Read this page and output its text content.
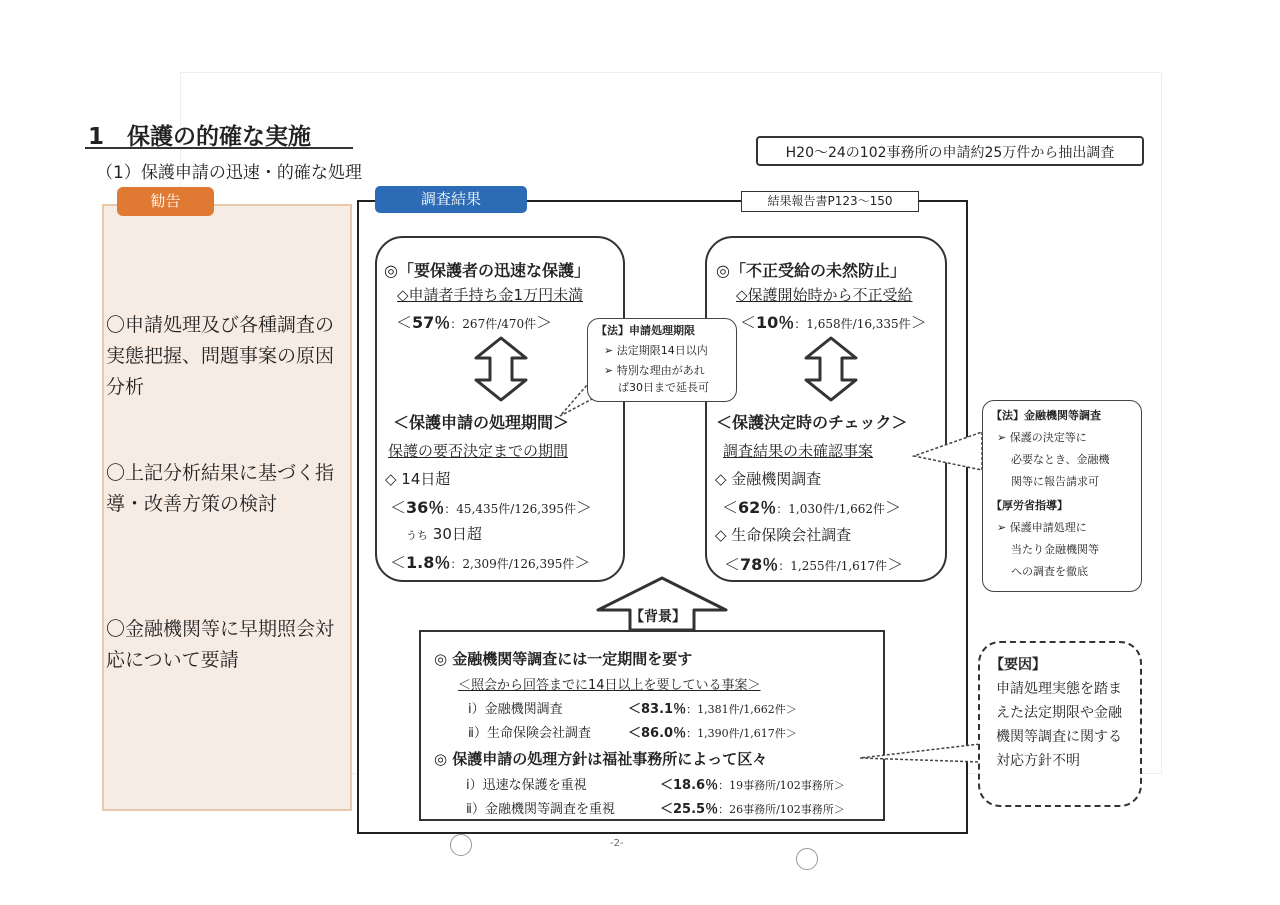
1　保護の的確な実施
（1）保護申請の迅速・的確な処理
H20～24の102事務所の申請約25万件から抽出調査
勧告
〇申請処理及び各種調査の実態把握、問題事案の原因分析
〇上記分析結果に基づく指導・改善方策の検討
〇金融機関等に早期照会対応について要請
調査結果	結果報告書P123～150
◎「要保護者の迅速な保護」
◇申請者手持ち金1万円未満
＜57％：267件/470件＞
＜保護申請の処理期間＞
保護の要否決定までの期間
◇ 14日超
＜36％：45,435件/126,395件＞
うち 30日超
＜1.8％：2,309件/126,395件＞
◎「不正受給の未然防止」
◇保護開始時から不正受給
＜10％：1,658件/16,335件＞
＜保護決定時のチェック＞
調査結果の未確認事案
◇ 金融機関調査
＜62％：1,030件/1,662件＞
◇ 生命保険会社調査
＜78％：1,255件/1,617件＞
【法】申請処理期限
➢ 法定期限14日以内
➢ 特別な理由があれ
ば30日まで延長可
【法】金融機関等調査
➢ 保護の決定等に
必要なとき、金融機
関等に報告請求可
【厚労省指導】
➢ 保護申請処理に
当たり金融機関等
への調査を徹底
【背景】
◎ 金融機関等調査には一定期間を要す
＜照会から回答までに14日以上を要している事案＞
ⅰ）金融機関調査	＜83.1％：1,381件/1,662件＞
ⅱ）生命保険会社調査	＜86.0％：1,390件/1,617件＞
◎ 保護申請の処理方針は福祉事務所によって区々
ⅰ）迅速な保護を重視	＜18.6％：19事務所/102事務所＞
ⅱ）金融機関等調査を重視	＜25.5％：26事務所/102事務所＞
【要因】
申請処理実態を踏まえた法定期限や金融機関等調査に関する対応方針不明
-2-
